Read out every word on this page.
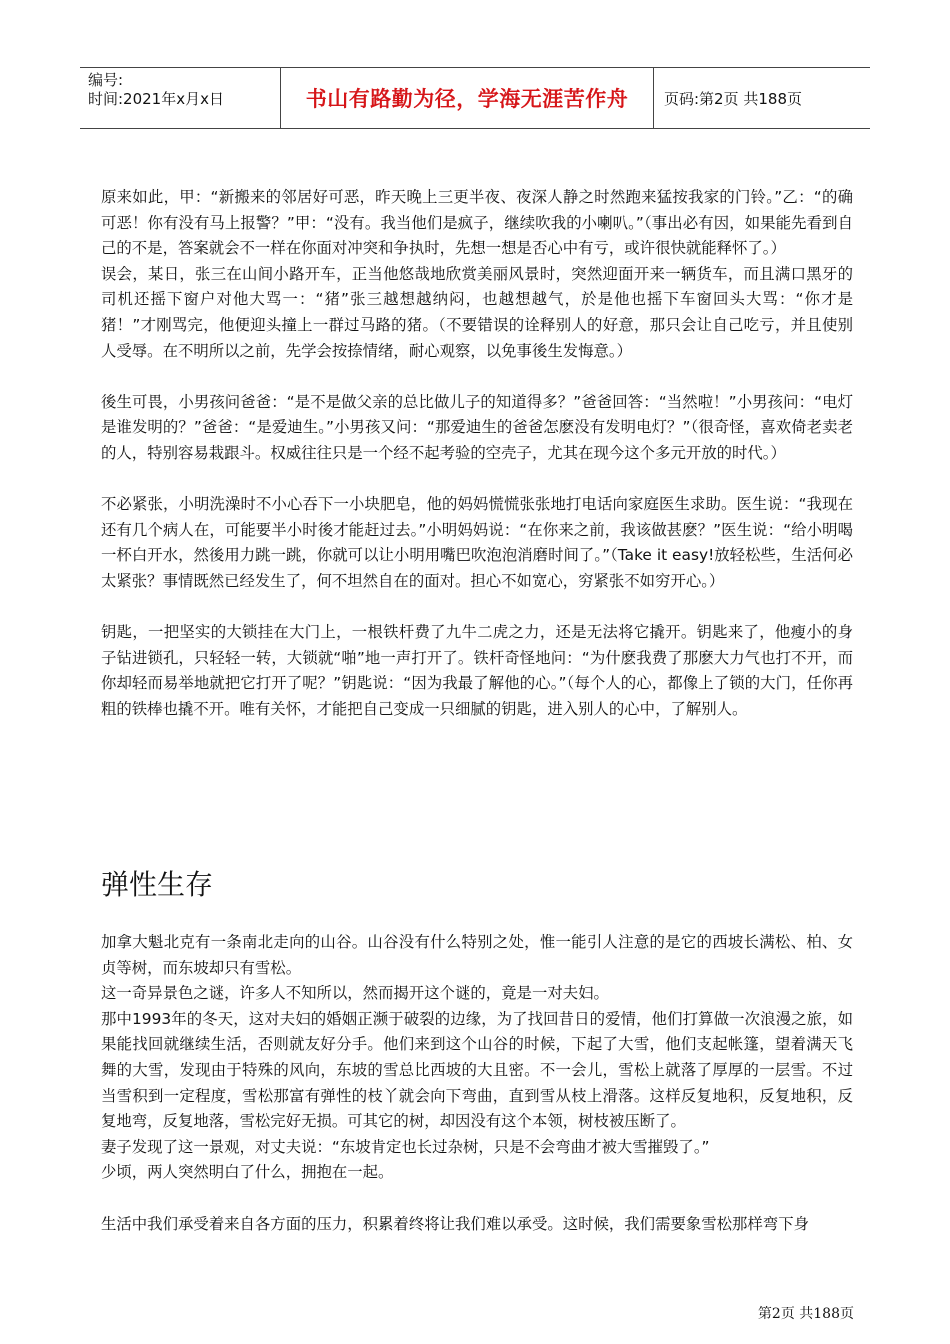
编号:
时间:2021年x月x日	书山有路勤为径，学海无涯苦作舟	页码:第2页 共188页

原来如此，甲：“新搬来的邻居好可恶，昨天晚上三更半夜、夜深人静之时然跑来猛按我家的门铃。”乙：“的确可恶！你有没有马上报警？”甲：“没有。我当他们是疯子，继续吹我的小喇叭。”（事出必有因，如果能先看到自己的不是，答案就会不一样在你面对冲突和争执时，先想一想是否心中有亏，或许很快就能释怀了。）

误会，某日，张三在山间小路开车，正当他悠哉地欣赏美丽风景时，突然迎面开来一辆货车，而且满口黑牙的司机还摇下窗户对他大骂一：“猪”张三越想越纳闷，也越想越气，於是他也摇下车窗回头大骂：“你才是猪！”才刚骂完，他便迎头撞上一群过马路的猪。（不要错误的诠释别人的好意，那只会让自己吃亏，并且使别人受辱。在不明所以之前，先学会按捺情绪，耐心观察，以免事後生发悔意。）

後生可畏，小男孩问爸爸：“是不是做父亲的总比做儿子的知道得多？”爸爸回答：“当然啦！”小男孩问：“电灯是谁发明的？”爸爸：“是爱迪生。”小男孩又问：“那爱迪生的爸爸怎麽没有发明电灯？”（很奇怪，喜欢倚老卖老的人，特别容易栽跟斗。权威往往只是一个经不起考验的空壳子，尤其在现今这个多元开放的时代。）

不必紧张，小明洗澡时不小心吞下一小块肥皂，他的妈妈慌慌张张地打电话向家庭医生求助。医生说：“我现在还有几个病人在，可能要半小时後才能赶过去。”小明妈妈说：“在你来之前，我该做甚麽？”医生说：“给小明喝一杯白开水，然後用力跳一跳，你就可以让小明用嘴巴吹泡泡消磨时间了。”（Take it easy!放轻松些，生活何必太紧张？事情既然已经发生了，何不坦然自在的面对。担心不如宽心，穷紧张不如穷开心。）

钥匙，一把坚实的大锁挂在大门上，一根铁杆费了九牛二虎之力，还是无法将它撬开。钥匙来了，他瘦小的身子钻进锁孔，只轻轻一转，大锁就“啪”地一声打开了。铁杆奇怪地问：“为什麽我费了那麽大力气也打不开，而你却轻而易举地就把它打开了呢？”钥匙说：“因为我最了解他的心。”（每个人的心，都像上了锁的大门，任你再粗的铁棒也撬不开。唯有关怀，才能把自己变成一只细腻的钥匙，进入别人的心中，了解别人。

弹性生存

加拿大魁北克有一条南北走向的山谷。山谷没有什么特别之处，惟一能引人注意的是它的西坡长满松、柏、女贞等树，而东坡却只有雪松。

这一奇异景色之谜，许多人不知所以，然而揭开这个谜的，竟是一对夫妇。

那中1993年的冬天，这对夫妇的婚姻正濒于破裂的边缘，为了找回昔日的爱情，他们打算做一次浪漫之旅，如果能找回就继续生活，否则就友好分手。他们来到这个山谷的时候，下起了大雪，他们支起帐篷，望着满天飞舞的大雪，发现由于特殊的风向，东坡的雪总比西坡的大且密。不一会儿，雪松上就落了厚厚的一层雪。不过当雪积到一定程度，雪松那富有弹性的枝丫就会向下弯曲，直到雪从枝上滑落。这样反复地积，反复地积，反复地弯，反复地落，雪松完好无损。可其它的树，却因没有这个本领，树枝被压断了。

妻子发现了这一景观，对丈夫说：“东坡肯定也长过杂树，只是不会弯曲才被大雪摧毁了。”

少顷，两人突然明白了什么，拥抱在一起。

生活中我们承受着来自各方面的压力，积累着终将让我们难以承受。这时候，我们需要象雪松那样弯下身

第2页 共188页
